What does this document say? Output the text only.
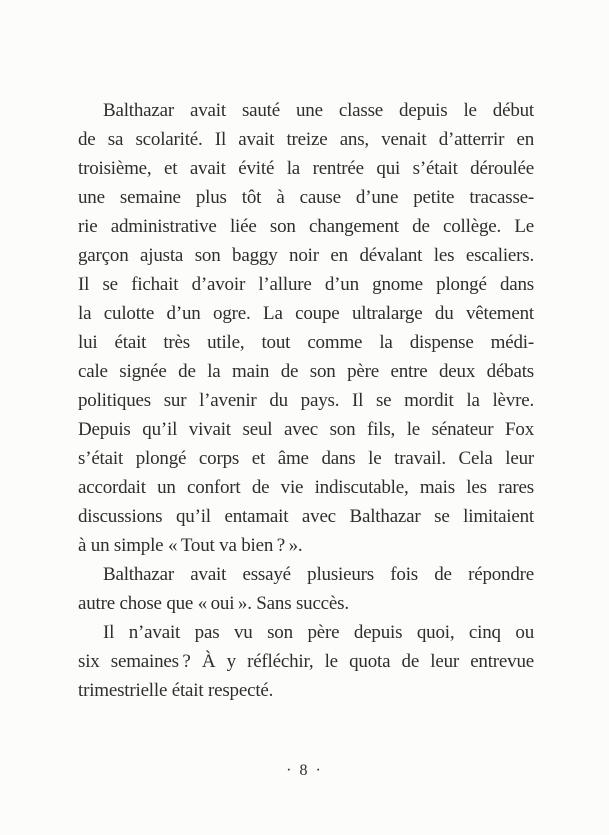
Balthazar avait sauté une classe depuis le début
de sa scolarité. Il avait treize ans, venait d’atterrir en
troisième, et avait évité la rentrée qui s’était déroulée
une semaine plus tôt à cause d’une petite tracasse-
rie administrative liée son changement de collège. Le
garçon ajusta son baggy noir en dévalant les escaliers.
Il se fichait d’avoir l’allure d’un gnome plongé dans
la culotte d’un ogre. La coupe ultralarge du vêtement
lui était très utile, tout comme la dispense médi-
cale signée de la main de son père entre deux débats
politiques sur l’avenir du pays. Il se mordit la lèvre.
Depuis qu’il vivait seul avec son fils, le sénateur Fox
s’était plongé corps et âme dans le travail. Cela leur
accordait un confort de vie indiscutable, mais les rares
discussions qu’il entamait avec Balthazar se limitaient
à un simple « Tout va bien ? ».
Balthazar avait essayé plusieurs fois de répondre
autre chose que « oui ». Sans succès.
Il n’avait pas vu son père depuis quoi, cinq ou
six semaines ? À y réfléchir, le quota de leur entrevue
trimestrielle était respecté.
· 8 ·
